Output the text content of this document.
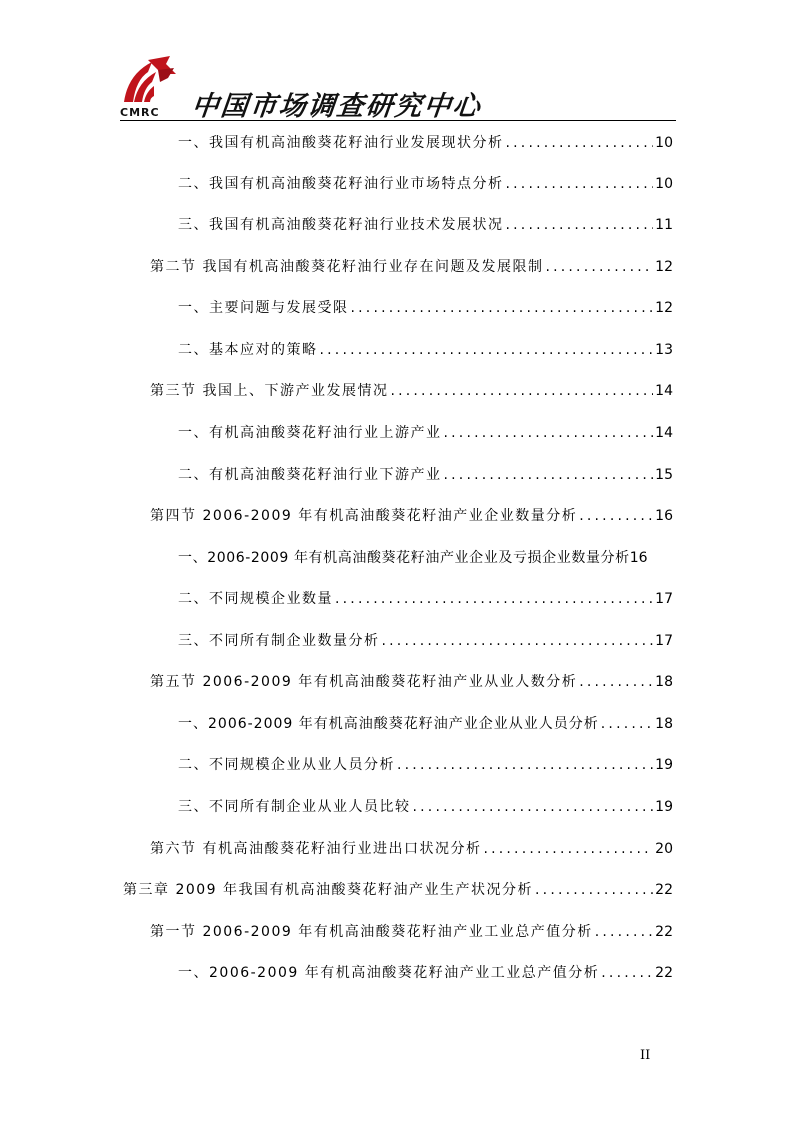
CMRC 中国市场调查研究中心
一、我国有机高油酸葵花籽油行业发展现状分析 .....	10
二、我国有机高油酸葵花籽油行业市场特点分析 .....	10
三、我国有机高油酸葵花籽油行业技术发展状况 .....	11
第二节 我国有机高油酸葵花籽油行业存在问题及发展限制 .....	12
一、主要问题与发展受限 .....	12
二、基本应对的策略 .....	13
第三节 我国上、下游产业发展情况 .....	14
一、有机高油酸葵花籽油行业上游产业 .....	14
二、有机高油酸葵花籽油行业下游产业 .....	15
第四节 2006-2009 年有机高油酸葵花籽油产业企业数量分析 .....	16
一、2006-2009 年有机高油酸葵花籽油产业企业及亏损企业数量分析 16
二、不同规模企业数量 .....	17
三、不同所有制企业数量分析 .....	17
第五节 2006-2009 年有机高油酸葵花籽油产业从业人数分析 .....	18
一、2006-2009 年有机高油酸葵花籽油产业企业从业人员分析 .....	18
二、不同规模企业从业人员分析 .....	19
三、不同所有制企业从业人员比较 .....	19
第六节 有机高油酸葵花籽油行业进出口状况分析 .....	20
第三章 2009 年我国有机高油酸葵花籽油产业生产状况分析 .....	22
第一节 2006-2009 年有机高油酸葵花籽油产业工业总产值分析 .....	22
一、2006-2009 年有机高油酸葵花籽油产业工业总产值分析 .....	22
II
